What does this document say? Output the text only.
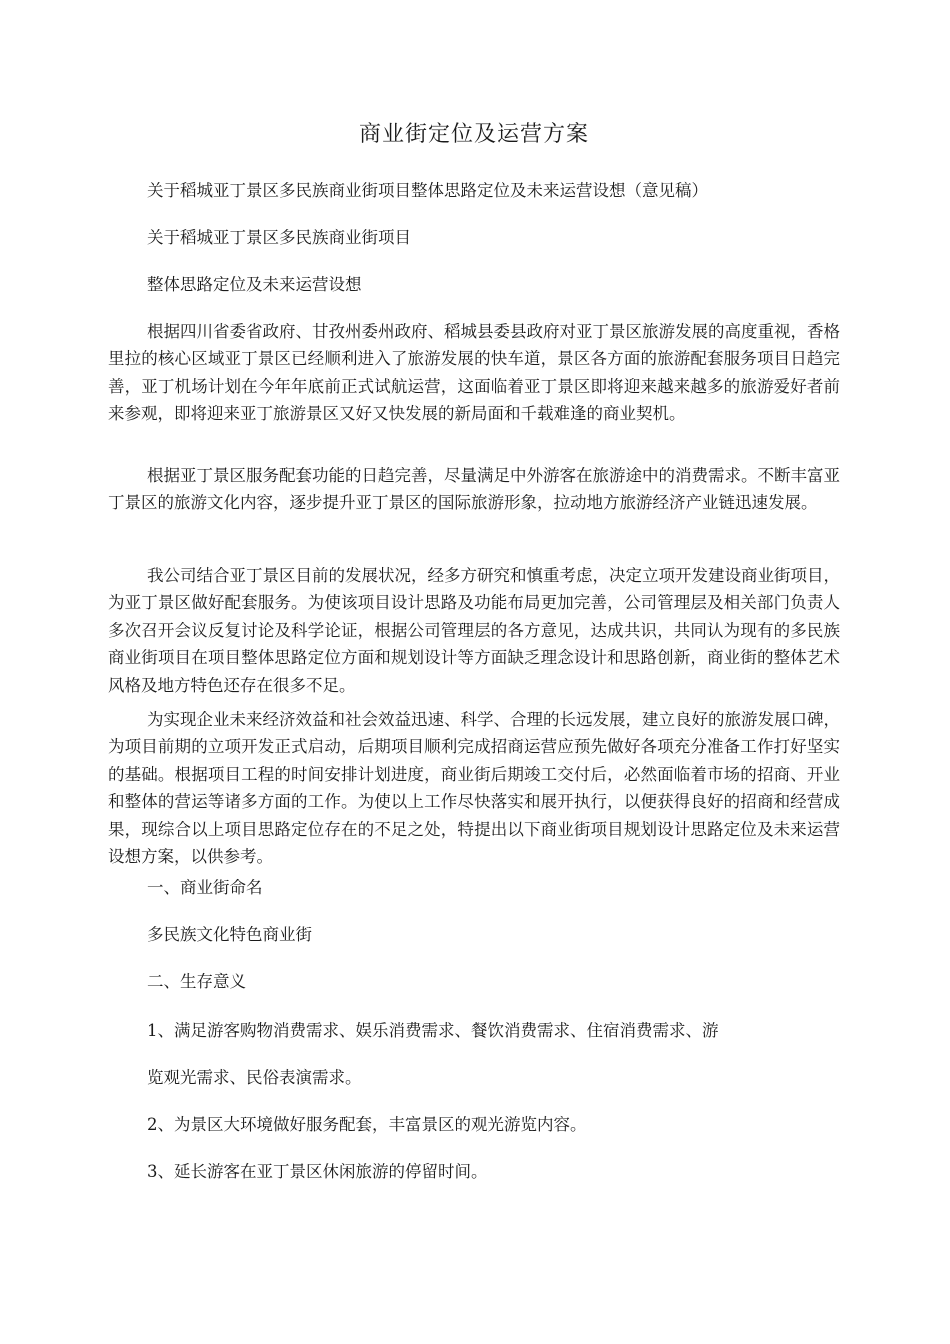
商业街定位及运营方案

关于稻城亚丁景区多民族商业街项目整体思路定位及未来运营设想（意见稿）

关于稻城亚丁景区多民族商业街项目

整体思路定位及未来运营设想

根据四川省委省政府、甘孜州委州政府、稻城县委县政府对亚丁景区旅游发展的高度重视，香格里拉的核心区域亚丁景区已经顺利进入了旅游发展的快车道，景区各方面的旅游配套服务项目日趋完善，亚丁机场计划在今年年底前正式试航运营，这面临着亚丁景区即将迎来越来越多的旅游爱好者前来参观，即将迎来亚丁旅游景区又好又快发展的新局面和千载难逢的商业契机。

根据亚丁景区服务配套功能的日趋完善，尽量满足中外游客在旅游途中的消费需求。不断丰富亚丁景区的旅游文化内容，逐步提升亚丁景区的国际旅游形象，拉动地方旅游经济产业链迅速发展。

我公司结合亚丁景区目前的发展状况，经多方研究和慎重考虑，决定立项开发建设商业街项目，为亚丁景区做好配套服务。为使该项目设计思路及功能布局更加完善，公司管理层及相关部门负责人多次召开会议反复讨论及科学论证，根据公司管理层的各方意见，达成共识，共同认为现有的多民族商业街项目在项目整体思路定位方面和规划设计等方面缺乏理念设计和思路创新，商业街的整体艺术风格及地方特色还存在很多不足。

为实现企业未来经济效益和社会效益迅速、科学、合理的长远发展，建立良好的旅游发展口碑，为项目前期的立项开发正式启动，后期项目顺利完成招商运营应预先做好各项充分准备工作打好坚实的基础。根据项目工程的时间安排计划进度，商业街后期竣工交付后，必然面临着市场的招商、开业和整体的营运等诸多方面的工作。为使以上工作尽快落实和展开执行，以便获得良好的招商和经营成果，现综合以上项目思路定位存在的不足之处，特提出以下商业街项目规划设计思路定位及未来运营设想方案，以供参考。

一、商业街命名

多民族文化特色商业街

二、生存意义

1、满足游客购物消费需求、娱乐消费需求、餐饮消费需求、住宿消费需求、游

览观光需求、民俗表演需求。

2、为景区大环境做好服务配套，丰富景区的观光游览内容。

3、延长游客在亚丁景区休闲旅游的停留时间。
